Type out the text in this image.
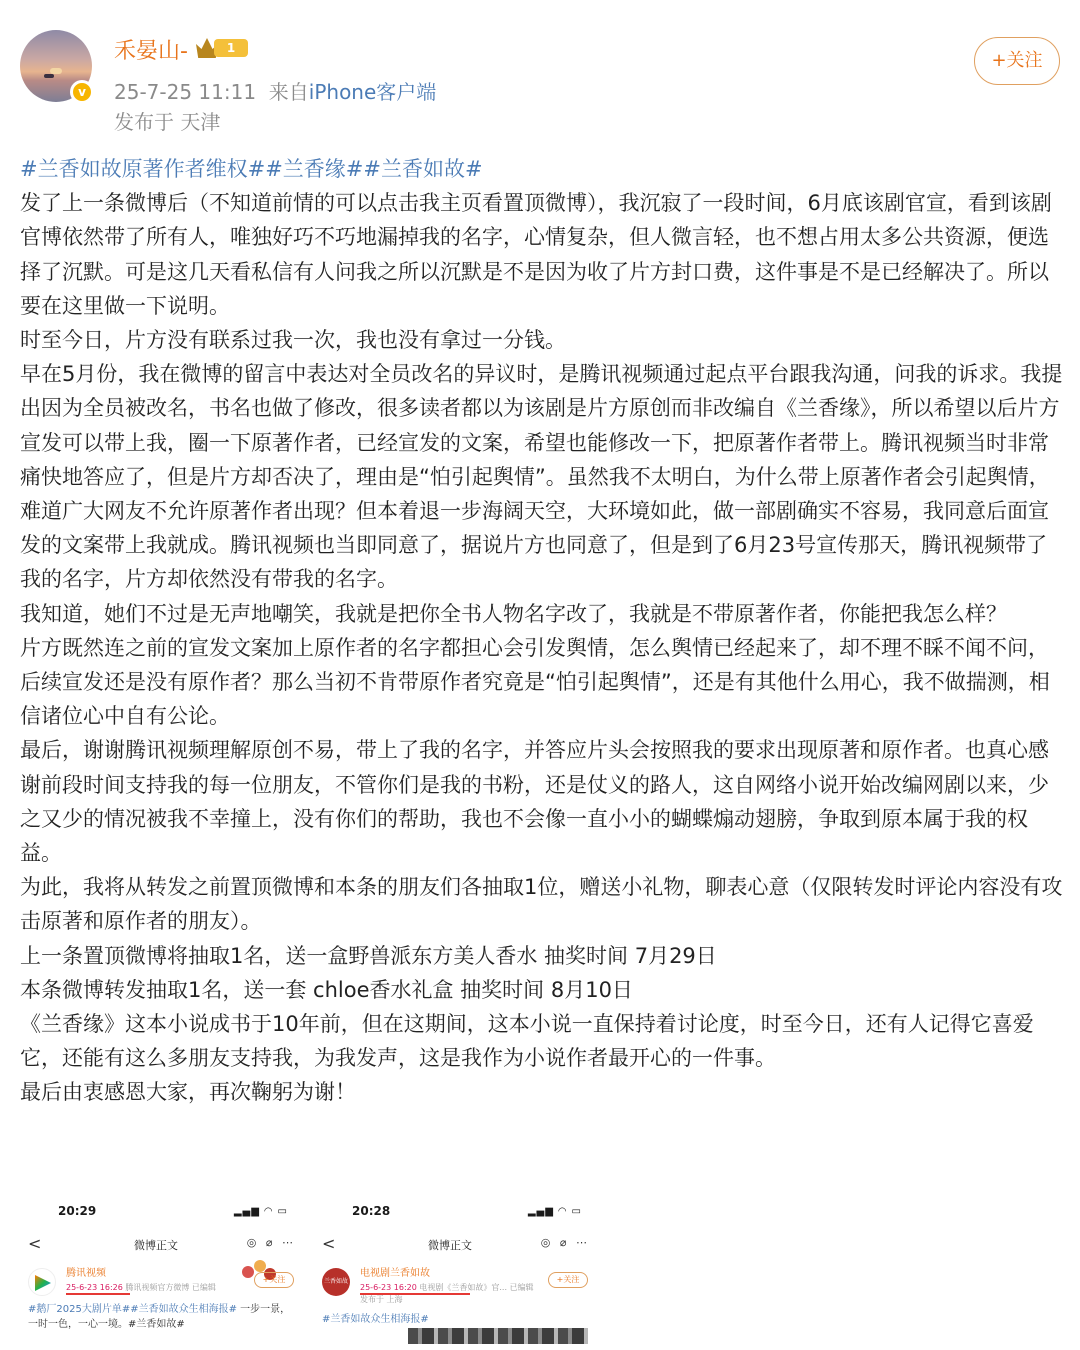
v
禾晏山-	1
25-7-25 11:11 来自iPhone客户端
发布于 天津
+关注

#兰香如故原著作者维权##兰香缘##兰香如故#

发了上一条微博后（不知道前情的可以点击我主页看置顶微博），我沉寂了一段时间，6月底该剧官宣，看到该剧官博依然带了所有人，唯独好巧不巧地漏掉我的名字，心情复杂，但人微言轻，也不想占用太多公共资源，便选择了沉默。可是这几天看私信有人问我之所以沉默是不是因为收了片方封口费，这件事是不是已经解决了。所以要在这里做一下说明。

时至今日，片方没有联系过我一次，我也没有拿过一分钱。

早在5月份，我在微博的留言中表达对全员改名的异议时，是腾讯视频通过起点平台跟我沟通，问我的诉求。我提出因为全员被改名，书名也做了修改，很多读者都以为该剧是片方原创而非改编自《兰香缘》，所以希望以后片方宣发可以带上我，圈一下原著作者，已经宣发的文案，希望也能修改一下，把原著作者带上。腾讯视频当时非常痛快地答应了，但是片方却否决了，理由是“怕引起舆情”。虽然我不太明白，为什么带上原著作者会引起舆情，难道广大网友不允许原著作者出现？但本着退一步海阔天空，大环境如此，做一部剧确实不容易，我同意后面宣发的文案带上我就成。腾讯视频也当即同意了，据说片方也同意了，但是到了6月23号宣传那天，腾讯视频带了我的名字，片方却依然没有带我的名字。

我知道，她们不过是无声地嘲笑，我就是把你全书人物名字改了，我就是不带原著作者，你能把我怎么样？

片方既然连之前的宣发文案加上原作者的名字都担心会引发舆情，怎么舆情已经起来了，却不理不睬不闻不问，后续宣发还是没有原作者？那么当初不肯带原作者究竟是“怕引起舆情”，还是有其他什么用心，我不做揣测，相信诸位心中自有公论。

最后，谢谢腾讯视频理解原创不易，带上了我的名字，并答应片头会按照我的要求出现原著和原作者。也真心感谢前段时间支持我的每一位朋友，不管你们是我的书粉，还是仗义的路人，这自网络小说开始改编网剧以来，少之又少的情况被我不幸撞上，没有你们的帮助，我也不会像一直小小的蝴蝶煽动翅膀，争取到原本属于我的权益。

为此，我将从转发之前置顶微博和本条的朋友们各抽取1位，赠送小礼物，聊表心意（仅限转发时评论内容没有攻击原著和原作者的朋友）。

上一条置顶微博将抽取1名，送一盒野兽派东方美人香水 抽奖时间 7月29日

本条微博转发抽取1名，送一套 chloe香水礼盒 抽奖时间 8月10日

《兰香缘》这本小说成书于10年前，但在这期间，这本小说一直保持着讨论度，时至今日，还有人记得它喜爱它，还能有这么多朋友支持我，为我发声，这是我作为小说作者最开心的一件事。

最后由衷感恩大家，再次鞠躬为谢！

20:29	▂▄▆ ◠ ▭
<	微博正文	◎ ⌀ ⋯
腾讯视频
+关注
25-6-23 16:26 腾讯视频官方微博 已编辑
#鹅厂2025大剧片单##兰香如故众生相海报# 一步一景，一时一色，一心一境。#兰香如故#
20:28	▂▄▆ ◠ ▭
<	微博正文	◎ ⌀ ⋯
兰香如故
电视剧兰香如故
+关注
25-6-23 16:20 电视剧《兰香如故》官... 已编辑
发布于 上海
#兰香如故众生相海报#
